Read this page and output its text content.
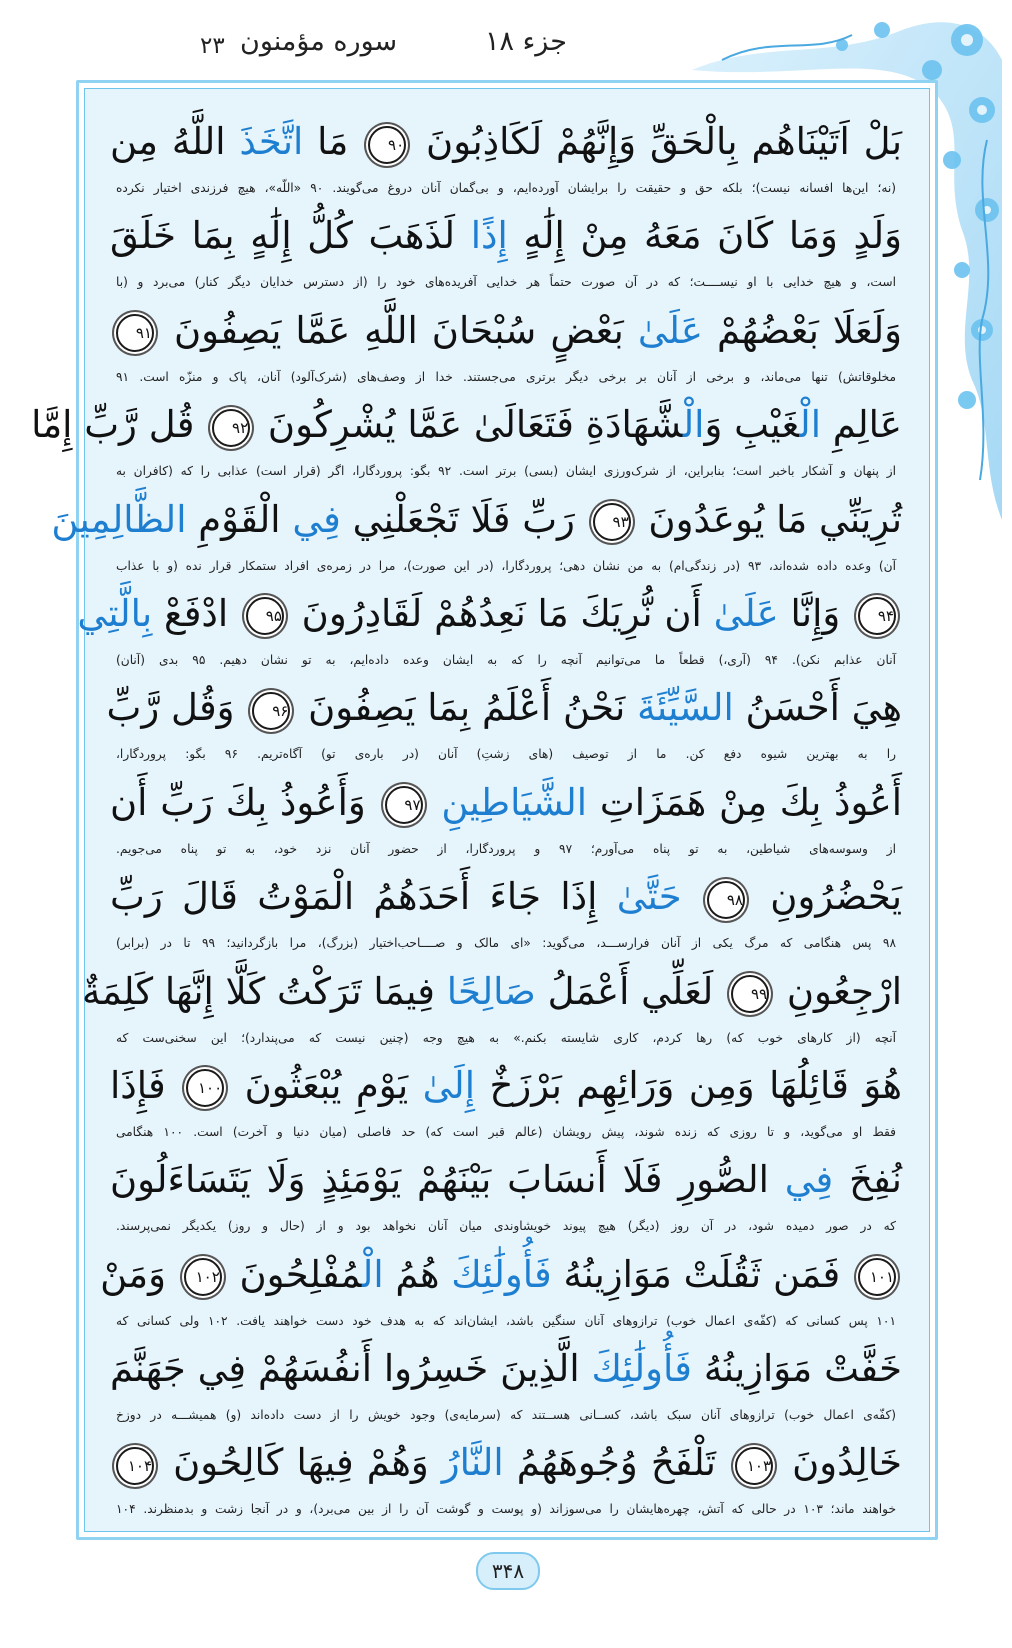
جزء ۱۸
سوره مؤمنون
۲۳
بَلْ اَتَيْنَاهُم بِالْحَقِّ وَإِنَّهُمْ لَكَاذِبُونَ ۹۰ مَا اتَّخَذَ اللَّهُ مِن
(نه؛ این‌ها افسانه نیست)؛ بلکه حق و حقیقت را برایشان آورده‌ایم، و بی‌گمان آنان دروغ می‌گویند. ۹۰ «اللّه»، هیچ فرزندی اختیار نکرده
وَلَدٍ وَمَا كَانَ مَعَهُ مِنْ إِلَٰهٍ إِذًا لَذَهَبَ كُلُّ إِلَٰهٍ بِمَا خَلَقَ
است، و هیچ خدایی با او نیســــت؛ که در آن صورت حتماً هر خدایی آفریده‌های خود را (از دسترس خدایان دیگر کنار) می‌برد و (با
وَلَعَلَا بَعْضُهُمْ عَلَىٰ بَعْضٍ سُبْحَانَ اللَّهِ عَمَّا يَصِفُونَ ۹۱
مخلوقاتش) تنها می‌ماند، و برخی از آنان بر برخی دیگر برتری می‌جستند. خدا از وصف‌های (شرک‌آلود) آنان، پاک و منزّه است. ۹۱
عَالِمِ الْغَيْبِ وَالْشَّهَادَةِ فَتَعَالَىٰ عَمَّا يُشْرِكُونَ ۹۲ قُل رَّبِّ إِمَّا
از پنهان و آشکار باخبر است؛ بنابراین، از شرک‌ورزی ایشان (بسی) برتر است. ۹۲ بگو: پروردگارا، اگر (قرار است) عذابی را که (کافران به
تُرِيَنِّي مَا يُوعَدُونَ ۹۳ رَبِّ فَلَا تَجْعَلْنِي فِي الْقَوْمِ الظَّالِمِينَ
آن) وعده داده شده‌اند، ۹۳ (در زندگی‌ام) به من نشان دهی؛ پروردگارا، (در این صورت)، مرا در زمره‌ی افراد ستمکار قرار نده (و با عذاب
۹۴ وَإِنَّا عَلَىٰ أَن نُّرِيَكَ مَا نَعِدُهُمْ لَقَادِرُونَ ۹۵ ادْفَعْ بِالَّتِي
آنان عذابم نکن). ۹۴ (آری،) قطعاً ما می‌توانیم آنچه را که به ایشان وعده داده‌ایم، به تو نشان دهیم. ۹۵ بدی (آنان)
هِيَ أَحْسَنُ السَّيِّئَةَ نَحْنُ أَعْلَمُ بِمَا يَصِفُونَ ۹۶ وَقُل رَّبِّ
را به بهترین شیوه دفع کن. ما از توصیف (های زشتِ) آنان (در باره‌ی تو) آگاه‌تریم. ۹۶ بگو: پروردگارا،
أَعُوذُ بِكَ مِنْ هَمَزَاتِ الشَّيَاطِينِ ۹۷ وَأَعُوذُ بِكَ رَبِّ أَن
از وسوسه‌های شیاطین، به تو پناه می‌آورم؛ ۹۷ و پروردگارا، از حضور آنان نزد خود، به تو پناه می‌جویم.
يَحْضُرُونِ ۹۸ حَتَّىٰ إِذَا جَاءَ أَحَدَهُمُ الْمَوْتُ قَالَ رَبِّ
۹۸ پس هنگامی که مرگ یکی از آنان فرارســـد، می‌گوید: «ای مالک و صــــاحب‌اختیار (بزرگ)، مرا بازگردانید؛ ۹۹ تا در (برابر)
ارْجِعُونِ ۹۹ لَعَلِّي أَعْمَلُ صَالِحًا فِيمَا تَرَكْتُ كَلَّا إِنَّهَا كَلِمَةٌ
آنچه (از کارهای خوب که) رها کردم، کاری شایسته بکنم.» به هیچ وجه (چنین نیست که می‌پندارد)؛ این سخنی‌ست که
هُوَ قَائِلُهَا وَمِن وَرَائِهِم بَرْزَخٌ إِلَىٰ يَوْمِ يُبْعَثُونَ ۱۰۰ فَإِذَا
فقط او می‌گوید، و تا روزی که زنده شوند، پیش رویشان (عالم قبر است که) حد فاصلی (میان دنیا و آخرت) است. ۱۰۰ هنگامی
نُفِخَ فِي الصُّورِ فَلَا أَنسَابَ بَيْنَهُمْ يَوْمَئِذٍ وَلَا يَتَسَاءَلُونَ
که در صور دمیده شود، در آن روز (دیگر) هیچ پیوند خویشاوندی میان آنان نخواهد بود و از (حال و روز) یکدیگر نمی‌پرسند.
۱۰۱ فَمَن ثَقُلَتْ مَوَازِينُهُ فَأُولَٰئِكَ هُمُ الْمُفْلِحُونَ ۱۰۲ وَمَنْ
۱۰۱ پس کسانی که (کفّه‌ی اعمال خوب) ترازوهای آنان سنگین باشد، ایشان‌اند که به هدف خود دست خواهند یافت. ۱۰۲ ولی کسانی که
خَفَّتْ مَوَازِينُهُ فَأُولَٰئِكَ الَّذِينَ خَسِرُوا أَنفُسَهُمْ فِي جَهَنَّمَ
(کفّه‌ی اعمال خوب) ترازوهای آنان سبک باشد، کســانی هســتند که (سرمایه‌ی) وجود خویش را از دست داده‌اند (و) همیشـــه در دوزخ
خَالِدُونَ ۱۰۳ تَلْفَحُ وُجُوهَهُمُ النَّارُ وَهُمْ فِيهَا كَالِحُونَ ۱۰۴
خواهند ماند؛ ۱۰۳ در حالی که آتش، چهره‌هایشان را می‌سوزاند (و پوست و گوشت آن را از بین می‌برد)، و در آنجا زشت و بدمنظرند. ۱۰۴
۳۴۸
